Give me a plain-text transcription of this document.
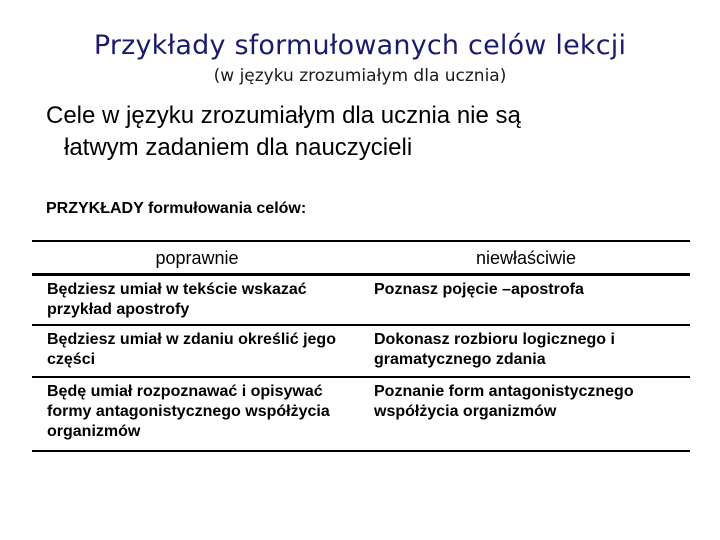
Przykłady sformułowanych celów lekcji
(w języku zrozumiałym dla ucznia)
Cele w języku zrozumiałym dla ucznia nie są
łatwym zadaniem dla nauczycieli
PRZYKŁADY formułowania celów:
poprawnie	niewłaściwie
Będziesz umiał w tekście wskazać przykład apostrofy
Poznasz pojęcie –apostrofa
Będziesz umiał w zdaniu określić jego części
Dokonasz rozbioru logicznego i gramatycznego zdania
Będę umiał rozpoznawać i opisywać formy antagonistycznego współżycia organizmów
Poznanie form antagonistycznego współżycia organizmów
